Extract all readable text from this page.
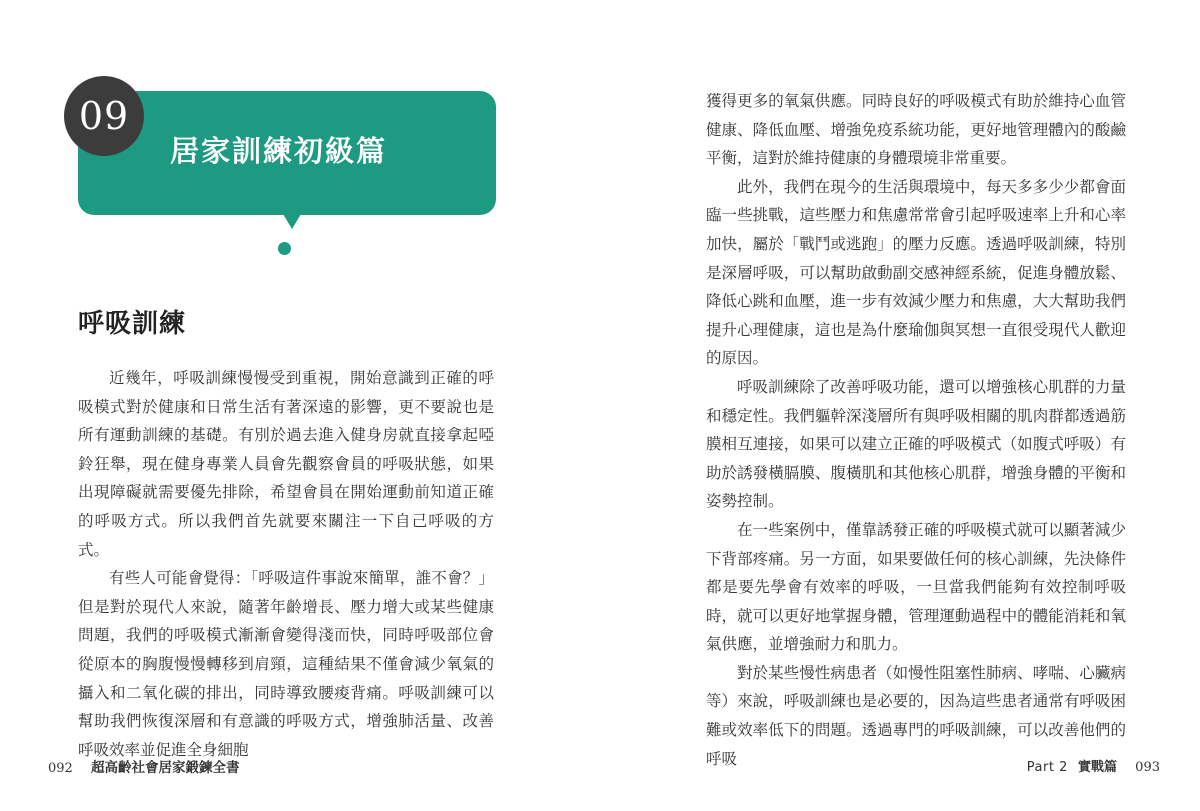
居家訓練初級篇
09
呼吸訓練

近幾年，呼吸訓練慢慢受到重視，開始意識到正確的呼吸模式對於健康和日常生活有著深遠的影響，更不要說也是所有運動訓練的基礎。有別於過去進入健身房就直接拿起啞鈴狂舉，現在健身專業人員會先觀察會員的呼吸狀態，如果出現障礙就需要優先排除，希望會員在開始運動前知道正確的呼吸方式。所以我們首先就要來關注一下自己呼吸的方式。

有些人可能會覺得：「呼吸這件事說來簡單，誰不會？」但是對於現代人來說，隨著年齡增長、壓力增大或某些健康問題，我們的呼吸模式漸漸會變得淺而快，同時呼吸部位會從原本的胸腹慢慢轉移到肩頸，這種結果不僅會減少氧氣的攝入和二氧化碳的排出，同時導致腰痠背痛。呼吸訓練可以幫助我們恢復深層和有意識的呼吸方式，增強肺活量、改善呼吸效率並促進全身細胞

獲得更多的氧氣供應。同時良好的呼吸模式有助於維持心血管健康、降低血壓、增強免疫系統功能，更好地管理體內的酸鹼平衡，這對於維持健康的身體環境非常重要。

此外，我們在現今的生活與環境中，每天多多少少都會面臨一些挑戰，這些壓力和焦慮常常會引起呼吸速率上升和心率加快，屬於「戰鬥或逃跑」的壓力反應。透過呼吸訓練，特別是深層呼吸，可以幫助啟動副交感神經系統，促進身體放鬆、降低心跳和血壓，進一步有效減少壓力和焦慮，大大幫助我們提升心理健康，這也是為什麼瑜伽與冥想一直很受現代人歡迎的原因。

呼吸訓練除了改善呼吸功能，還可以增強核心肌群的力量和穩定性。我們軀幹深淺層所有與呼吸相關的肌肉群都透過筋膜相互連接，如果可以建立正確的呼吸模式（如腹式呼吸）有助於誘發橫膈膜、腹橫肌和其他核心肌群，增強身體的平衡和姿勢控制。

在一些案例中，僅靠誘發正確的呼吸模式就可以顯著減少下背部疼痛。另一方面，如果要做任何的核心訓練，先決條件都是要先學會有效率的呼吸，一旦當我們能夠有效控制呼吸時，就可以更好地掌握身體，管理運動過程中的體能消耗和氧氣供應，並增強耐力和肌力。

對於某些慢性病患者（如慢性阻塞性肺病、哮喘、心臟病等）來說，呼吸訓練也是必要的，因為這些患者通常有呼吸困難或效率低下的問題。透過專門的呼吸訓練，可以改善他們的呼吸

092 超高齡社會居家鍛鍊全書	Part 2 實戰篇 093
